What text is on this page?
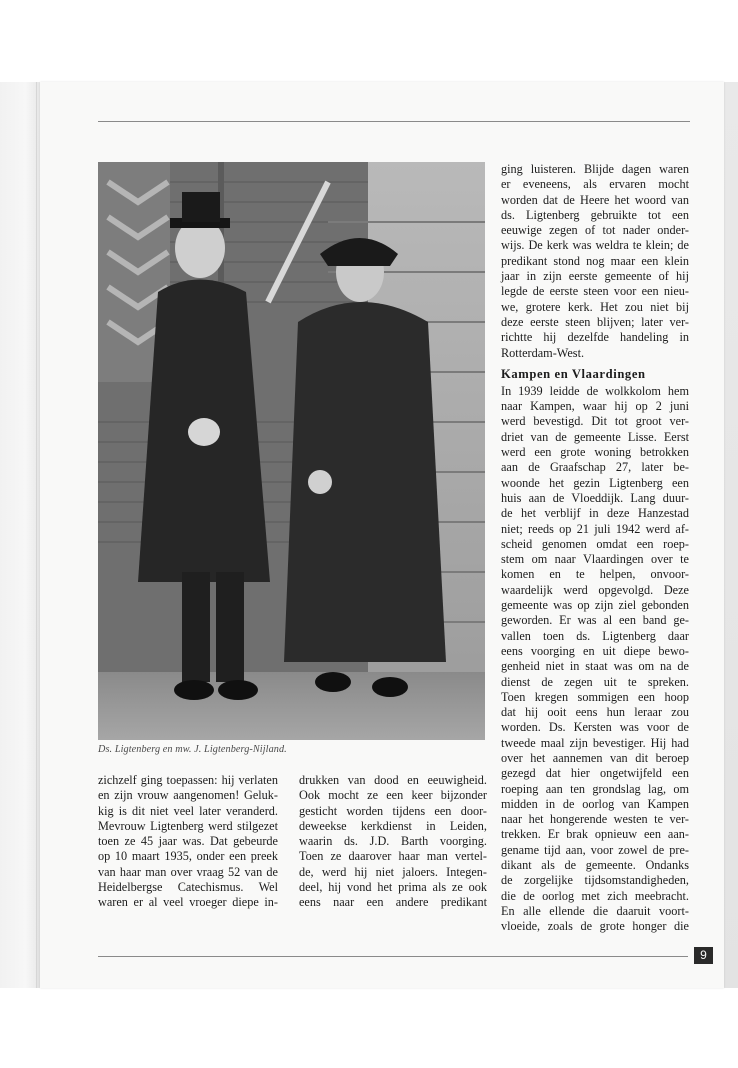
Ds. Ligtenberg en mw. J. Ligtenberg-Nijland.
zichzelf ging toepassen: hij verlaten
en zijn vrouw aangenomen! Geluk-
kig is dit niet veel later veranderd.
Mevrouw Ligtenberg werd stilgezet
toen ze 45 jaar was. Dat gebeurde
op 10 maart 1935, onder een preek
van haar man over vraag 52 van de
Heidelbergse Catechismus. Wel
waren er al veel vroeger diepe in-
drukken van dood en eeuwigheid.
Ook mocht ze een keer bijzonder
gesticht worden tijdens een door-
deweekse kerkdienst in Leiden,
waarin ds. J.D. Barth voorging.
Toen ze daarover haar man vertel-
de, werd hij niet jaloers. Integen-
deel, hij vond het prima als ze ook
eens naar een andere predikant
ging luisteren. Blijde dagen waren
er eveneens, als ervaren mocht
worden dat de Heere het woord van
ds. Ligtenberg gebruikte tot een
eeuwige zegen of tot nader onder-
wijs. De kerk was weldra te klein; de
predikant stond nog maar een klein
jaar in zijn eerste gemeente of hij
legde de eerste steen voor een nieu-
we, grotere kerk. Het zou niet bij
deze eerste steen blijven; later ver-
richtte hij dezelfde handeling in
Rotterdam-West.
Kampen en Vlaardingen
In 1939 leidde de wolkkolom hem
naar Kampen, waar hij op 2 juni
werd bevestigd. Dit tot groot ver-
driet van de gemeente Lisse. Eerst
werd een grote woning betrokken
aan de Graafschap 27, later be-
woonde het gezin Ligtenberg een
huis aan de Vloeddijk. Lang duur-
de het verblijf in deze Hanzestad
niet; reeds op 21 juli 1942 werd af-
scheid genomen omdat een roep-
stem om naar Vlaardingen over te
komen en te helpen, onvoor-
waardelijk werd opgevolgd. Deze
gemeente was op zijn ziel gebonden
geworden. Er was al een band ge-
vallen toen ds. Ligtenberg daar
eens voorging en uit diepe bewo-
genheid niet in staat was om na de
dienst de zegen uit te spreken.
Toen kregen sommigen een hoop
dat hij ooit eens hun leraar zou
worden. Ds. Kersten was voor de
tweede maal zijn bevestiger. Hij had
over het aannemen van dit beroep
gezegd dat hier ongetwijfeld een
roeping aan ten grondslag lag, om
midden in de oorlog van Kampen
naar het hongerende westen te ver-
trekken. Er brak opnieuw een aan-
gename tijd aan, voor zowel de pre-
dikant als de gemeente. Ondanks
de zorgelijke tijdsomstandigheden,
die de oorlog met zich meebracht.
En alle ellende die daaruit voort-
vloeide, zoals de grote honger die
9
